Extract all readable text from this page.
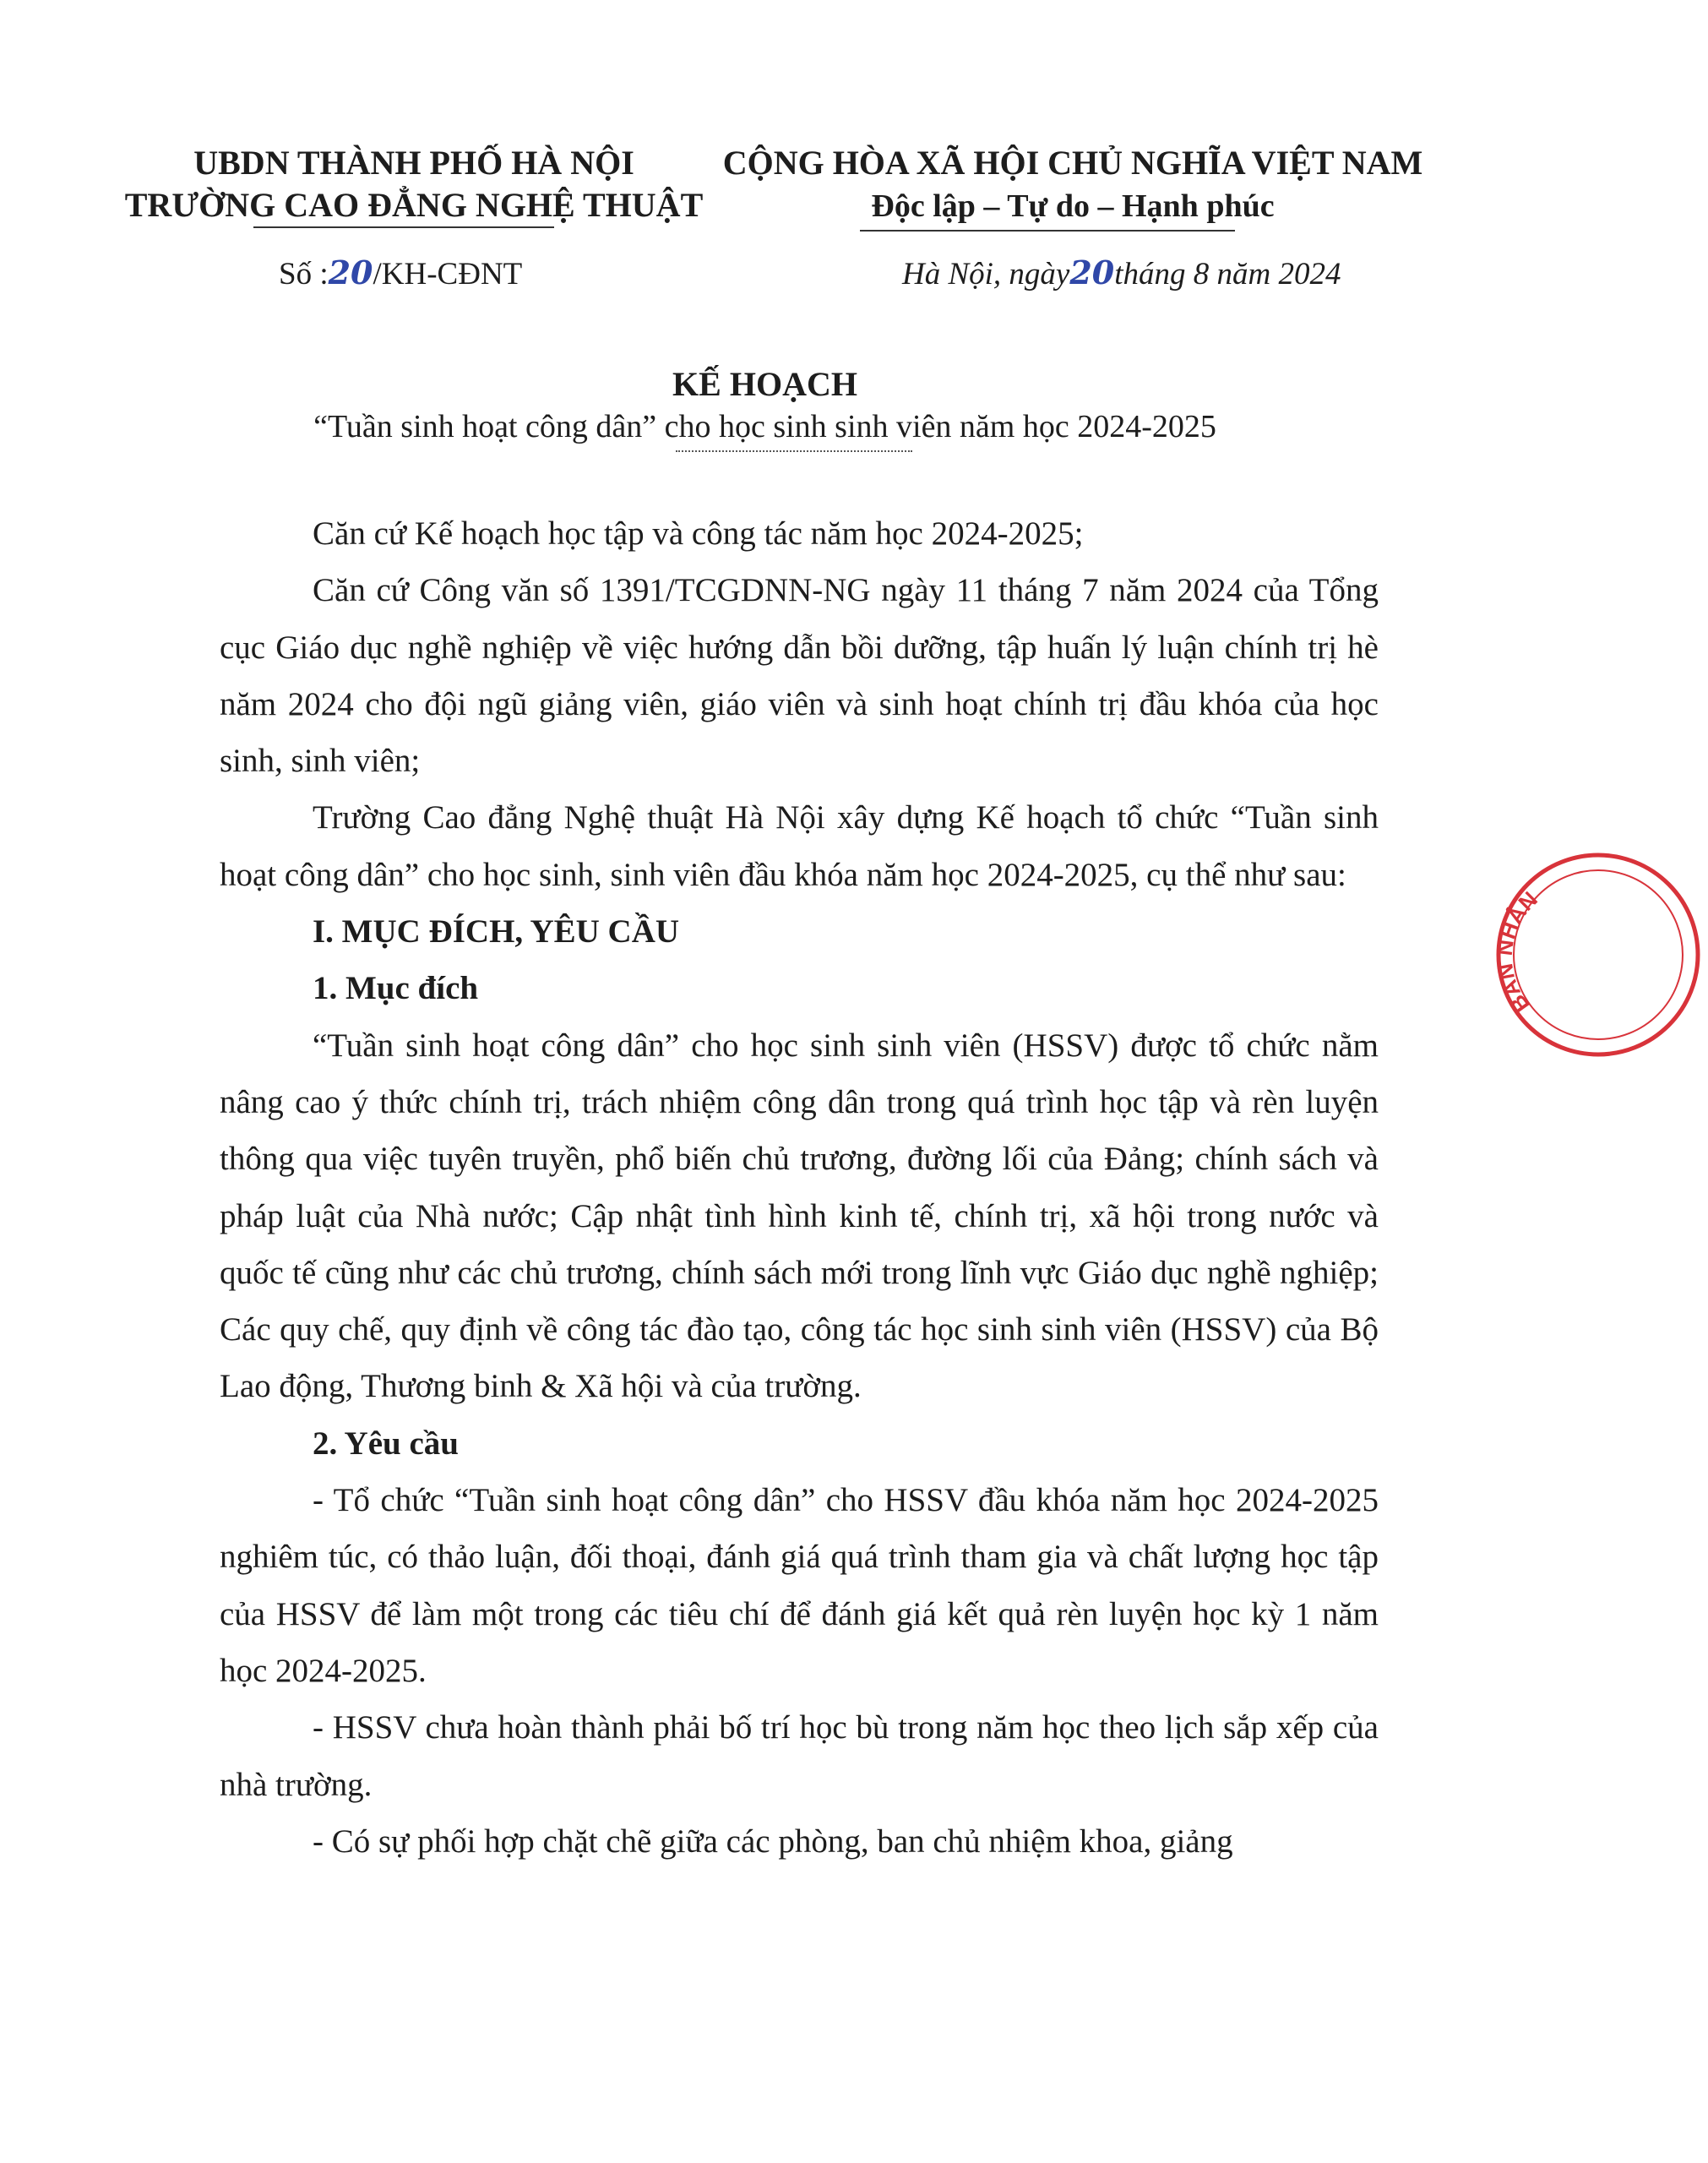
UBDN THÀNH PHỐ HÀ NỘI
TRƯỜNG CAO ĐẲNG NGHỆ THUẬT
CỘNG HÒA XÃ HỘI CHỦ NGHĨA VIỆT NAM
Độc lập – Tự do – Hạnh phúc
Số :20/KH-CĐNT	Hà Nội, ngày20tháng 8 năm 2024
KẾ HOẠCH
“Tuần sinh hoạt công dân” cho học sinh sinh viên năm học 2024-2025

Căn cứ Kế hoạch học tập và công tác năm học 2024-2025;

Căn cứ Công văn số 1391/TCGDNN-NG ngày 11 tháng 7 năm 2024 của Tổng cục Giáo dục nghề nghiệp về việc hướng dẫn bồi dưỡng, tập huấn lý luận chính trị hè năm 2024 cho đội ngũ giảng viên, giáo viên và sinh hoạt chính trị đầu khóa của học sinh, sinh viên;

Trường Cao đẳng Nghệ thuật Hà Nội xây dựng Kế hoạch tổ chức “Tuần sinh hoạt công dân” cho học sinh, sinh viên đầu khóa năm học 2024-2025, cụ thể như sau:

I. MỤC ĐÍCH, YÊU CẦU

1. Mục đích

“Tuần sinh hoạt công dân” cho học sinh sinh viên (HSSV) được tổ chức nằm nâng cao ý thức chính trị, trách nhiệm công dân trong quá trình học tập và rèn luyện thông qua việc tuyên truyền, phổ biến chủ trương, đường lối của Đảng; chính sách và pháp luật của Nhà nước; Cập nhật tình hình kinh tế, chính trị, xã hội trong nước và quốc tế cũng như các chủ trương, chính sách mới trong lĩnh vực Giáo dục nghề nghiệp; Các quy chế, quy định về công tác đào tạo, công tác học sinh sinh viên (HSSV) của Bộ Lao động, Thương binh & Xã hội và của trường.

2. Yêu cầu

- Tổ chức “Tuần sinh hoạt công dân” cho HSSV đầu khóa năm học 2024-2025 nghiêm túc, có thảo luận, đối thoại, đánh giá quá trình tham gia và chất lượng học tập của HSSV để làm một trong các tiêu chí để đánh giá kết quả rèn luyện học kỳ 1 năm học 2024-2025.

- HSSV chưa hoàn thành phải bố trí học bù trong năm học theo lịch sắp xếp của nhà trường.

- Có sự phối hợp chặt chẽ giữa các phòng, ban chủ nhiệm khoa, giảng

BAN NHÂN
